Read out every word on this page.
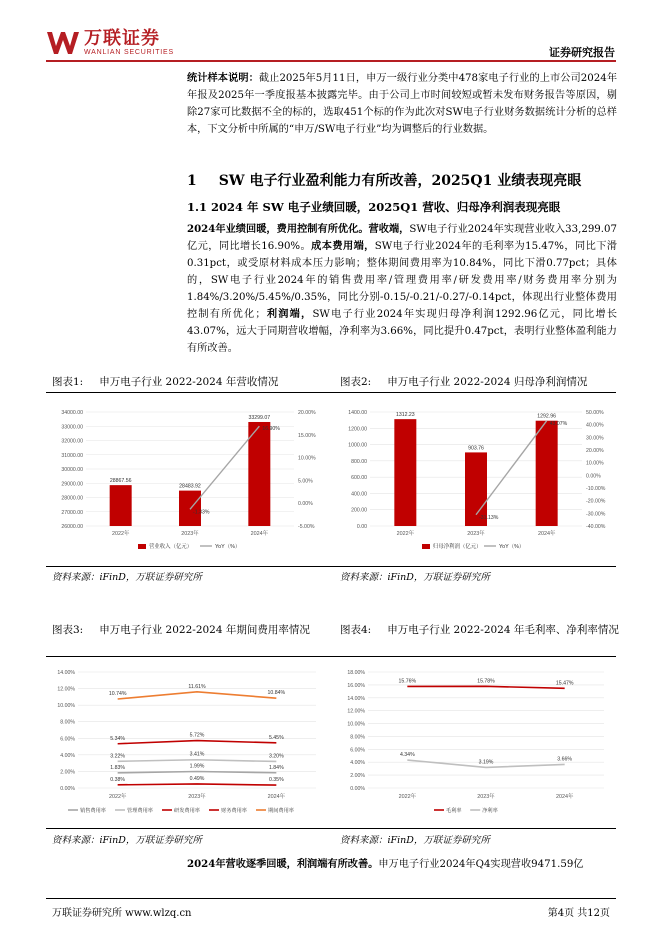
万联证券
WANLIAN SECURITIES	证券研究报告
统计样本说明：截止2025年5月11日，申万一级行业分类中478家电子行业的上市公司2024年年报及2025年一季度报基本披露完毕。由于公司上市时间较短或暂未发布财务报告等原因，剔除27家可比数据不全的标的，选取451个标的作为此次对SW电子行业财务数据统计分析的总样本，下文分析中所属的“申万/SW电子行业”均为调整后的行业数据。
1 SW 电子行业盈利能力有所改善，2025Q1 业绩表现亮眼
1.1 2024 年 SW 电子业绩回暖，2025Q1 营收、归母净利润表现亮眼
2024年业绩回暖，费用控制有所优化。营收端，SW电子行业2024年实现营业收入33,299.07亿元，同比增长16.90%。成本费用端，SW电子行业2024年的毛利率为15.47%，同比下滑0.31pct，或受原材料成本压力影响；整体期间费用率为10.84%，同比下滑0.77pct；具体的，SW电子行业2024年的销售费用率/管理费用率/研发费用率/财务费用率分别为1.84%/3.20%/5.45%/0.35%，同比分别-0.15/-0.21/-0.27/-0.14pct，体现出行业整体费用控制有所优化；利润端，SW电子行业2024年实现归母净利润1292.96亿元，同比增长43.07%，远大于同期营收增幅，净利率为3.66%，同比提升0.47pct，表明行业整体盈利能力有所改善。
图表1: 申万电子行业 2022-2024 年营收情况	图表2: 申万电子行业 2022-2024 归母净利润情况
26000.00
27000.00
28000.00
29000.00
30000.00
31000.00
32000.00
33000.00
34000.00
-5.00%
0.00%
5.00%
10.00%
15.00%
20.00%
28867.56
2022年
28483.92
2023年
33299.07
2024年
-1.33%
16.90%
营业收入（亿元）	YoY（%）
0.00
200.00
400.00
600.00
800.00
1000.00
1200.00
1400.00
-40.00%
-30.00%
-20.00%
-10.00%
0.00%
10.00%
20.00%
30.00%
40.00%
50.00%
1312.23
2022年
903.76
2023年
1292.96
2024年
-31.13%
43.07%
归母净利润（亿元）	YoY（%）
资料来源：iFinD，万联证券研究所	资料来源：iFinD，万联证券研究所
图表3: 申万电子行业 2022-2024 年期间费用率情况	图表4: 申万电子行业 2022-2024 年毛利率、净利率情况
0.00%
2.00%
4.00%
6.00%
8.00%
10.00%
12.00%
14.00%
2022年	2023年	2024年
1.83%	1.99%	1.84%
3.22%	3.41%	3.20%
5.34%
5.72%	5.45%
0.38%	0.49%	0.35%
10.74%
11.61%
10.84%
销售费用率	管理费用率	研发费用率	财务费用率	期间费用率
0.00%
2.00%
4.00%
6.00%
8.00%
10.00%
12.00%
14.00%
16.00%
18.00%
2022年	2023年	2024年
15.76%	15.78%	15.47%
4.34%
3.19%
3.66%
毛利率	净利率
资料来源：iFinD，万联证券研究所	资料来源：iFinD，万联证券研究所
2024年营收逐季回暖，利润端有所改善。申万电子行业2024年Q4实现营收9471.59亿
万联证券研究所 www.wlzq.cn	第4页 共12页
